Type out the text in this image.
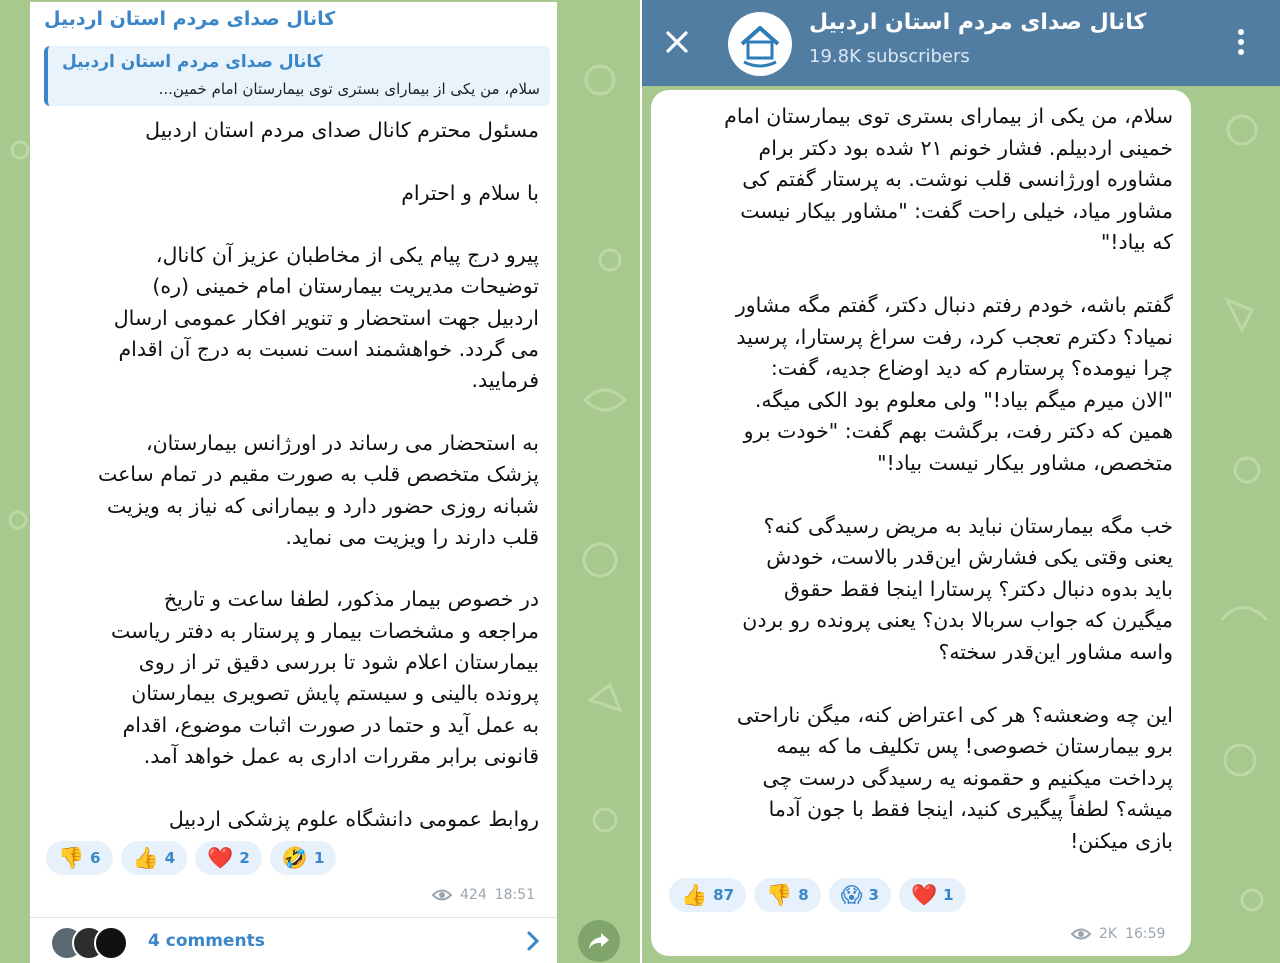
کانال صدای مردم استان اردبیل
کانال صدای مردم استان اردبیل
سلام، من یکی از بیمارای بستری توی بیمارستان امام خمین...
مسئول محترم کانال صدای مردم استان اردبیل

با سلام و احترام

پیرو درج پیام یکی از مخاطبان عزیز آن کانال،
توضیحات مدیریت بیمارستان امام خمینی (ره)
اردبیل جهت استحضار و تنویر افکار عمومی ارسال
می گردد. خواهشمند است نسبت به درج آن اقدام
فرمایید.

به استحضار می رساند در اورژانس بیمارستان،
پزشک متخصص قلب به صورت مقیم در تمام ساعت
شبانه روزی حضور دارد و بیمارانی که نیاز به ویزیت
قلب دارند را ویزیت می نماید.

در خصوص بیمار مذکور، لطفا ساعت و تاریخ
مراجعه و مشخصات بیمار و پرستار به دفتر ریاست
بیمارستان اعلام شود تا بررسی دقیق تر از روی
پرونده بالینی و سیستم پایش تصویری بیمارستان
به عمل آید و حتما در صورت اثبات موضوع، اقدام
قانونی برابر مقررات اداری به عمل خواهد آمد.

روابط عمومی دانشگاه علوم پزشکی اردبیل
👎 6 👍 4 ❤️ 2 🤣 1
424 18:51
4 comments
کانال صدای مردم استان اردبیل
19.8K subscribers
سلام، من یکی از بیمارای بستری توی بیمارستان امام
خمینی اردبیلم. فشار خونم ۲۱ شده بود دکتر برام
مشاوره اورژانسی قلب نوشت. به پرستار گفتم کی
مشاور میاد، خیلی راحت گفت: "مشاور بیکار نیست
که بیاد!"

گفتم باشه، خودم رفتم دنبال دکتر، گفتم مگه مشاور
نمیاد؟ دکترم تعجب کرد، رفت سراغ پرستارا، پرسید
چرا نیومده؟ پرستارم که دید اوضاع جدیه، گفت:
"الان میرم میگم بیاد!" ولی معلوم بود الکی میگه.
همین که دکتر رفت، برگشت بهم گفت: "خودت برو
متخصص، مشاور بیکار نیست بیاد!"

خب مگه بیمارستان نباید به مریض رسیدگی کنه؟
یعنی وقتی یکی فشارش این‌قدر بالاست، خودش
باید بدوه دنبال دکتر؟ پرستارا اینجا فقط حقوق
میگیرن که جواب سربالا بدن؟ یعنی پرونده رو بردن
واسه مشاور این‌قدر سخته؟

این چه وضعشه؟ هر کی اعتراض کنه، میگن ناراحتی
برو بیمارستان خصوصی! پس تکلیف ما که بیمه
پرداخت میکنیم و حقمونه یه رسیدگی درست چی
میشه؟ لطفاً پیگیری کنید، اینجا فقط با جون آدما
بازی میکنن!
👍 87 👎 8 😱 3 ❤️ 1
2K 16:59
